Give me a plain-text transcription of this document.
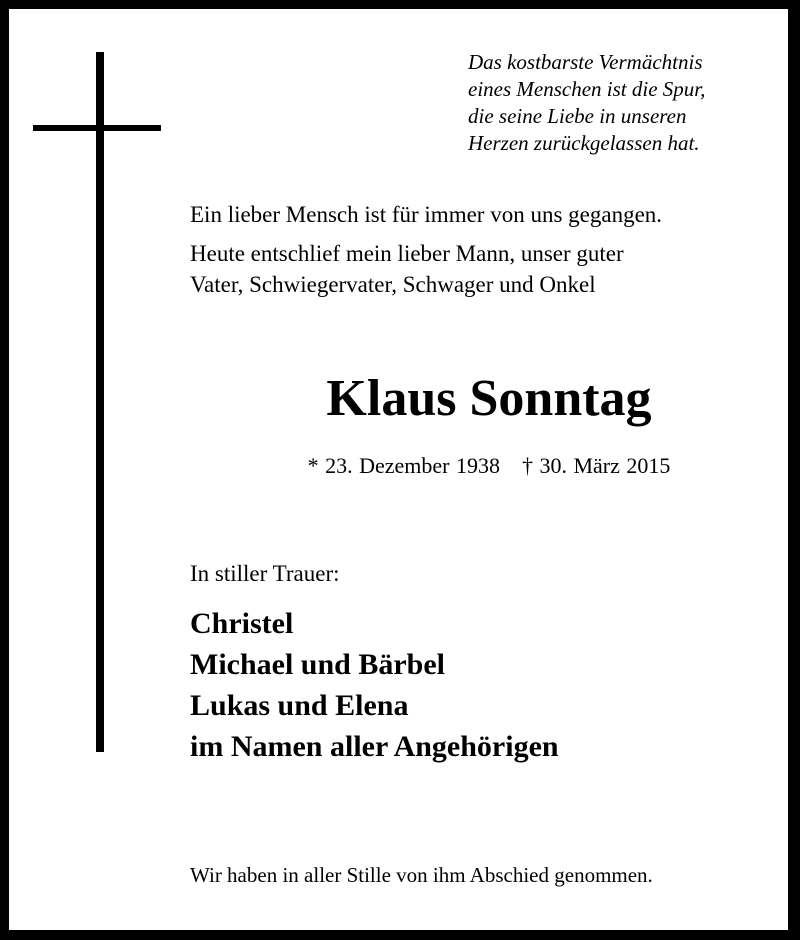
Das kostbarste Vermächtnis
eines Menschen ist die Spur,
die seine Liebe in unseren
Herzen zurückgelassen hat.
Ein lieber Mensch ist für immer von uns gegangen.
Heute entschlief mein lieber Mann, unser guter
Vater, Schwiegervater, Schwager und Onkel
Klaus Sonntag
* 23. Dezember 1938 † 30. März 2015
In stiller Trauer:
Christel
Michael und Bärbel
Lukas und Elena
im Namen aller Angehörigen
Wir haben in aller Stille von ihm Abschied genommen.
